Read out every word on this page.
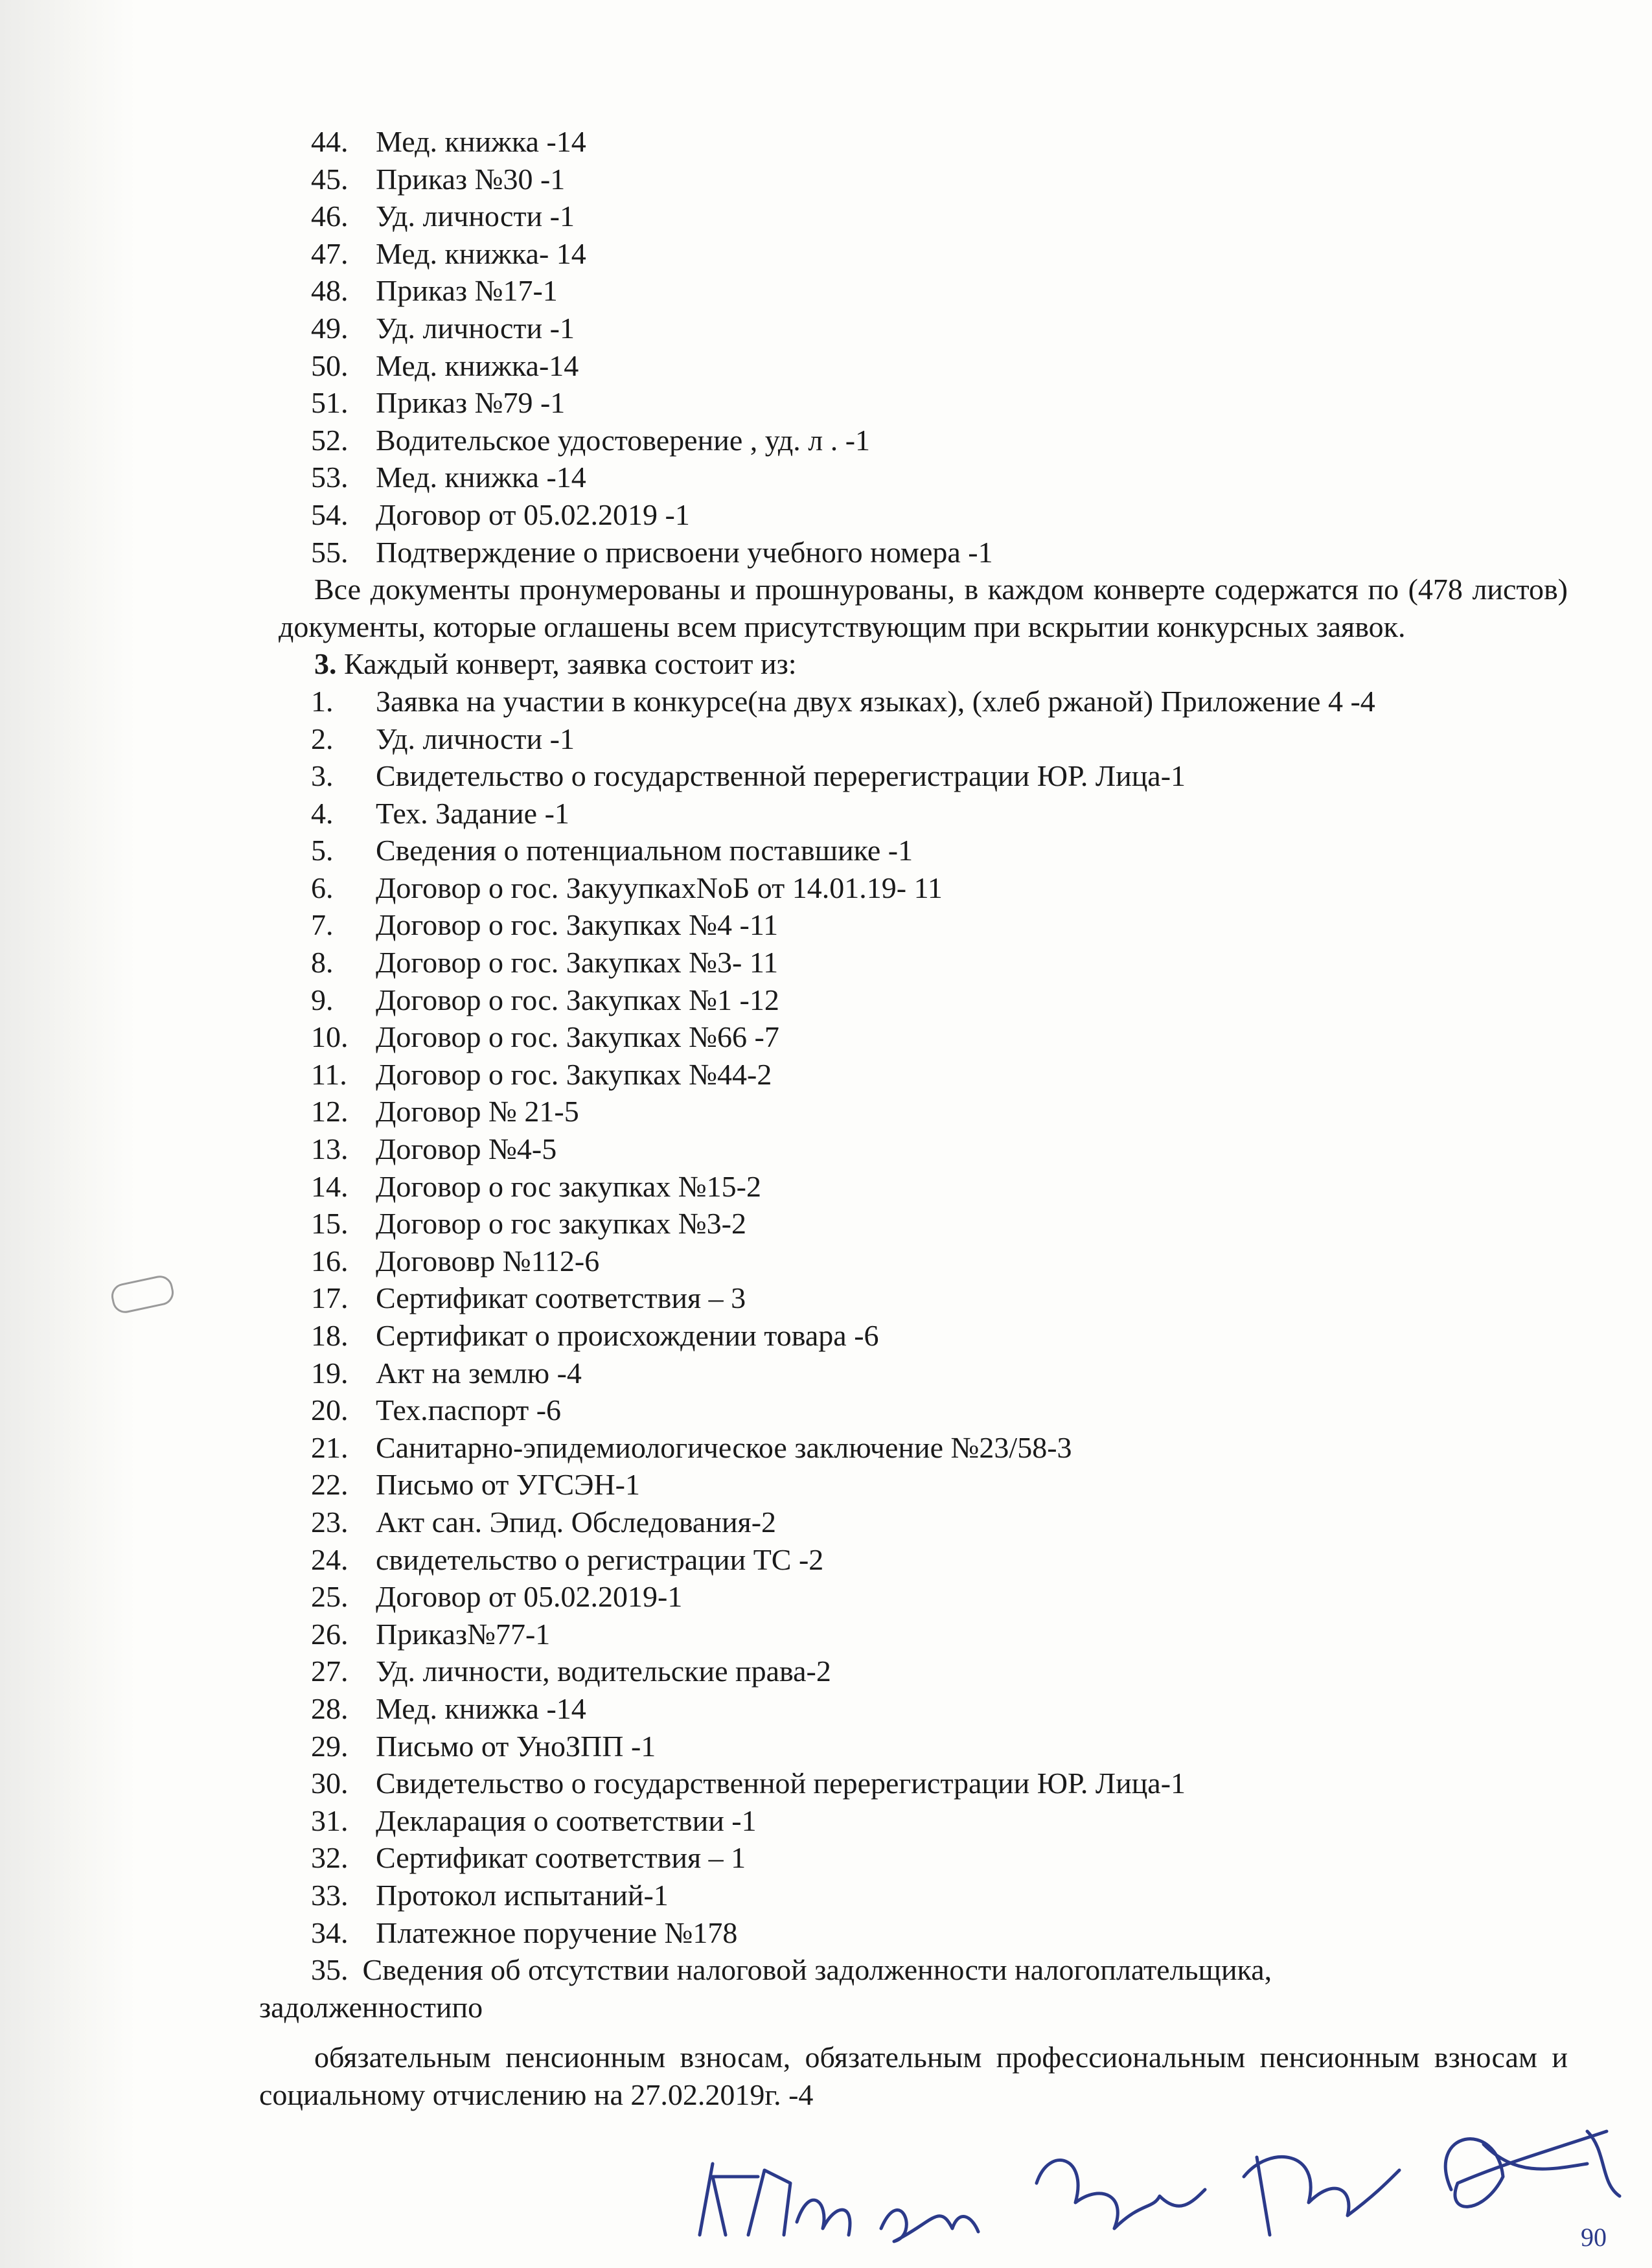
44. Мед. книжка -14
45. Приказ №30 -1
46. Уд. личности -1
47. Мед. книжка- 14
48. Приказ №17-1
49. Уд. личности -1
50. Мед. книжка-14
51. Приказ №79 -1
52. Водительское удостоверение , уд. л . -1
53. Мед. книжка -14
54. Договор от 05.02.2019 -1
55. Подтверждение о присвоени учебного номера -1
Все документы пронумерованы и прошнурованы, в каждом конверте содержатся по (478 листов) документы, которые оглашены всем присутствующим при вскрытии конкурсных заявок.
3. Каждый конверт, заявка состоит из:
1. Заявка на участии в конкурсе(на двух языках), (хлеб ржаной) Приложение 4 -4
2. Уд. личности -1
3. Свидетельство о государственной перерегистрации ЮР. Лица-1
4. Тех. Задание -1
5. Сведения о потенциальном поставшике -1
6. Договор о гос. ЗакуупкахNoБ от 14.01.19- 11
7. Договор о гос. Закупках №4 -11
8. Договор о гос. Закупках №3- 11
9. Договор о гос. Закупках №1 -12
10. Договор о гос. Закупках №66 -7
11. Договор о гос. Закупках №44-2
12. Договор № 21-5
13. Договор №4-5
14. Договор о гос закупках №15-2
15. Договор о гос закупках №3-2
16. Догововр №112-6
17. Сертификат соответствия – 3
18. Сертификат о происхождении товара -6
19. Акт на землю -4
20. Тех.паспорт -6
21. Санитарно-эпидемиологическое заключение №23/58-3
22. Письмо от УГСЭН-1
23. Акт сан. Эпид. Обследования-2
24. свидетельство о регистрации ТС -2
25. Договор от 05.02.2019-1
26. Приказ№77-1
27. Уд. личности, водительские права-2
28. Мед. книжка -14
29. Письмо от УноЗПП -1
30. Свидетельство о государственной перерегистрации ЮР. Лица-1
31. Декларация о соответствии -1
32. Сертификат соответствия – 1
33. Протокол испытаний-1
34. Платежное поручение №178
35. Сведения об отсутствии налоговой задолженности налогоплательщика,
задолженностипо
обязательным пенсионным взносам, обязательным профессиональным пенсионным взносам и социальному отчислению на 27.02.2019г. -4
90
